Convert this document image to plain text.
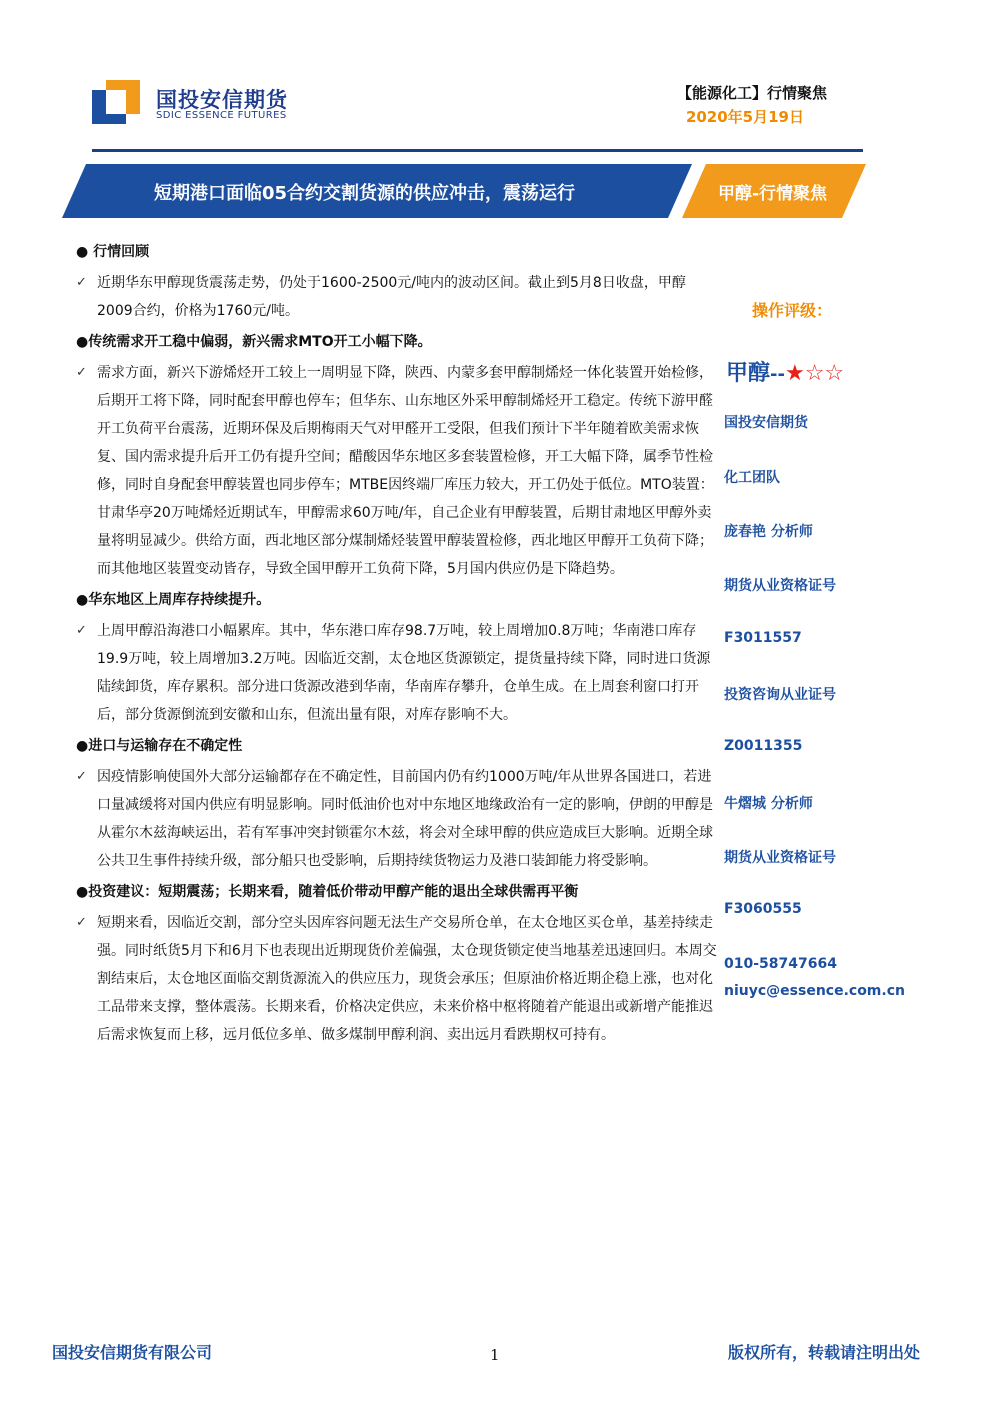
国投安信期货
SDIC ESSENCE FUTURES
【能源化工】行情聚焦
2020年5月19日
短期港口面临05合约交割货源的供应冲击，震荡运行	甲醇-行情聚焦
● 行情回顾
✓ 近期华东甲醇现货震荡走势，仍处于1600-2500元/吨内的波动区间。截止到5月8日收盘，甲醇2009合约，价格为1760元/吨。
●传统需求开工稳中偏弱，新兴需求MTO开工小幅下降。
✓ 需求方面，新兴下游烯烃开工较上一周明显下降，陕西、内蒙多套甲醇制烯烃一体化装置开始检修，后期开工将下降，同时配套甲醇也停车；但华东、山东地区外采甲醇制烯烃开工稳定。传统下游甲醛开工负荷平台震荡，近期环保及后期梅雨天气对甲醛开工受限，但我们预计下半年随着欧美需求恢复、国内需求提升后开工仍有提升空间；醋酸因华东地区多套装置检修，开工大幅下降，属季节性检修，同时自身配套甲醇装置也同步停车；MTBE因终端厂库压力较大，开工仍处于低位。MTO装置：甘肃华亭20万吨烯烃近期试车，甲醇需求60万吨/年，自己企业有甲醇装置，后期甘肃地区甲醇外卖量将明显减少。供给方面，西北地区部分煤制烯烃装置甲醇装置检修，西北地区甲醇开工负荷下降；而其他地区装置变动皆存，导致全国甲醇开工负荷下降，5月国内供应仍是下降趋势。
●华东地区上周库存持续提升。
✓ 上周甲醇沿海港口小幅累库。其中，华东港口库存98.7万吨，较上周增加0.8万吨；华南港口库存19.9万吨，较上周增加3.2万吨。因临近交割，太仓地区货源锁定，提货量持续下降，同时进口货源陆续卸货，库存累积。部分进口货源改港到华南，华南库存攀升，仓单生成。在上周套利窗口打开后，部分货源倒流到安徽和山东，但流出量有限，对库存影响不大。
●进口与运输存在不确定性
✓ 因疫情影响使国外大部分运输都存在不确定性，目前国内仍有约1000万吨/年从世界各国进口，若进口量减缓将对国内供应有明显影响。同时低油价也对中东地区地缘政治有一定的影响，伊朗的甲醇是从霍尔木兹海峡运出，若有军事冲突封锁霍尔木兹，将会对全球甲醇的供应造成巨大影响。近期全球公共卫生事件持续升级，部分船只也受影响，后期持续货物运力及港口装卸能力将受影响。
●投资建议：短期震荡；长期来看，随着低价带动甲醇产能的退出全球供需再平衡
✓ 短期来看，因临近交割，部分空头因库容问题无法生产交易所仓单，在太仓地区买仓单，基差持续走强。同时纸货5月下和6月下也表现出近期现货价差偏强，太仓现货锁定使当地基差迅速回归。本周交割结束后，太仓地区面临交割货源流入的供应压力，现货会承压；但原油价格近期企稳上涨，也对化工品带来支撑，整体震荡。长期来看，价格决定供应，未来价格中枢将随着产能退出或新增产能推迟后需求恢复而上移，远月低位多单、做多煤制甲醇利润、卖出远月看跌期权可持有。
操作评级：
甲醇--★☆☆
国投安信期货
化工团队
庞春艳 分析师
期货从业资格证号
F3011557
投资咨询从业证号
Z0011355
牛熠城 分析师
期货从业资格证号
F3060555
010-58747664
niuyc@essence.com.cn
国投安信期货有限公司	1	版权所有，转载请注明出处
